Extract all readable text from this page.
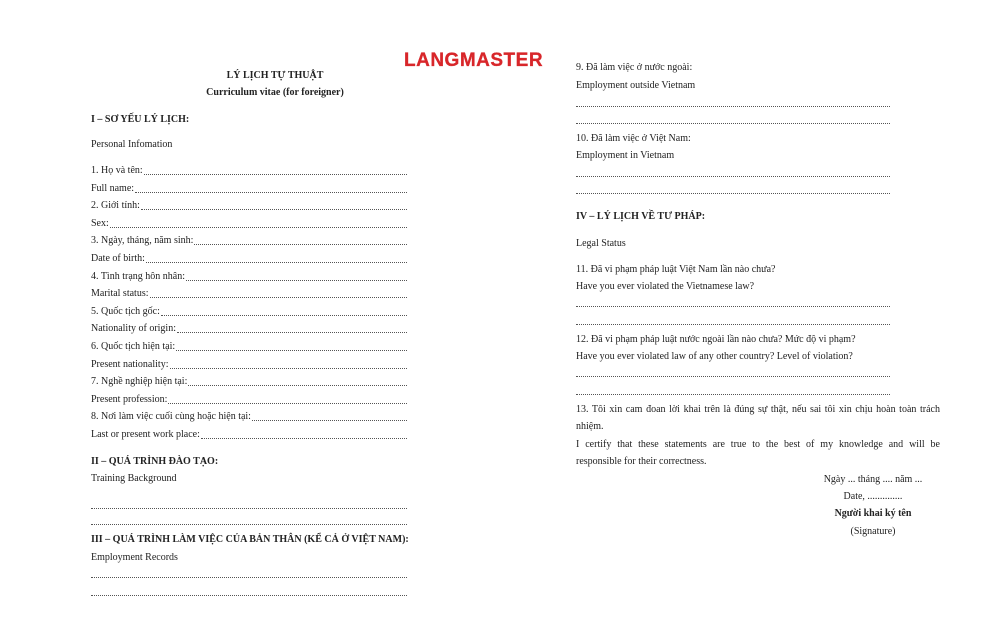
LANGMASTER
LÝ LỊCH TỰ THUẬT
Curriculum vitae (for foreigner)
I – SƠ YẾU LÝ LỊCH:
Personal Infomation
1. Họ và tên:
Full name:
2. Giới tính:
Sex:
3. Ngày, tháng, năm sinh:
Date of birth:
4. Tình trạng hôn nhân:
Marital status:
5. Quốc tịch gốc:
Nationality of origin:
6. Quốc tịch hiện tại:
Present nationality:
7. Nghề nghiệp hiện tại:
Present profession:
8. Nơi làm việc cuối cùng hoặc hiện tại:
Last or present work place:
II – QUÁ TRÌNH ĐÀO TẠO:
Training Background
III – QUÁ TRÌNH LÀM VIỆC CỦA BẢN THÂN (KỂ CẢ Ở VIỆT NAM):
Employment Records
9. Đã làm việc ở nước ngoài:
Employment outside Vietnam
10. Đã làm việc ở Việt Nam:
Employment in Vietnam
IV – LÝ LỊCH VỀ TƯ PHÁP:
Legal Status
11. Đã vi phạm pháp luật Việt Nam lần nào chưa?
Have you ever violated the Vietnamese law?
12. Đã vi phạm pháp luật nước ngoài lần nào chưa? Mức độ vi phạm?
Have you ever violated law of any other country? Level of violation?
13. Tôi xin cam đoan lời khai trên là đúng sự thật, nếu sai tôi xin chịu hoàn toàn trách
nhiệm.
I certify that these statements are true to the best of my knowledge and will be
responsible for their correctness.
Ngày ... tháng .... năm ...
Date, ..............
Người khai ký tên
(Signature)
